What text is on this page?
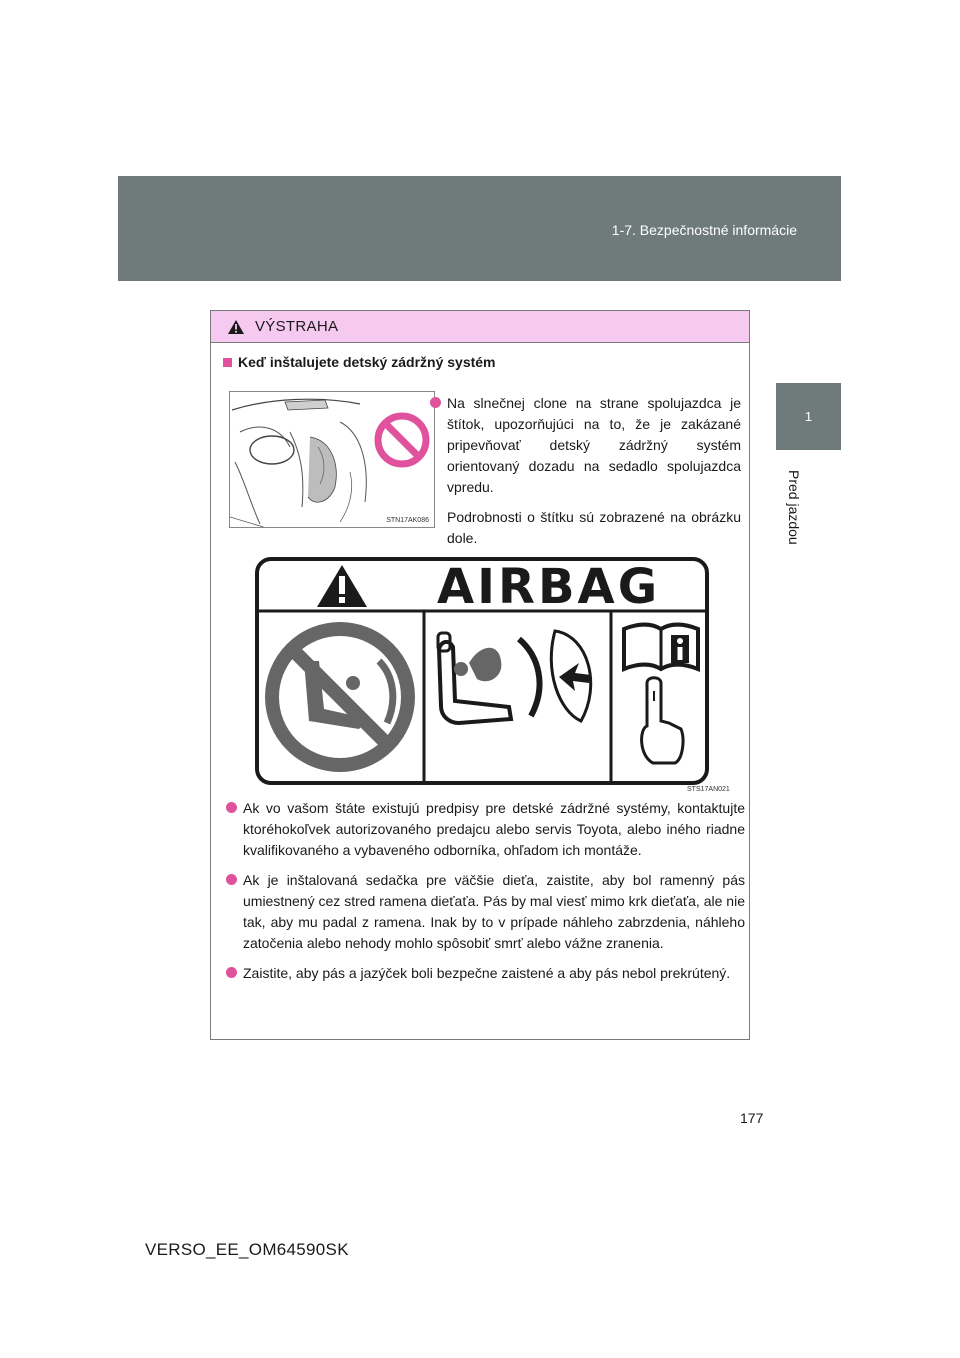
1-7. Bezpečnostné informácie
1
Pred jazdou
VÝSTRAHA
Keď inštalujete detský zádržný systém
STN17AK086
Na slnečnej clone na strane spolujazdca je štítok, upozorňujúci na to, že je zakázané pripevňovať detský zádržný systém orientovaný dozadu na sedadlo spolujazdca vpredu.

Podrobnosti o štítku sú zobrazené na obrázku dole.

AIRBAG
STS17AN021
Ak vo vašom štáte existujú predpisy pre detské zádržné systémy, kontaktujte ktoréhokoľvek autorizovaného predajcu alebo servis Toyota, alebo iného riadne kvalifikovaného a vybaveného odborníka, ohľadom ich montáže.
Ak je inštalovaná sedačka pre väčšie dieťa, zaistite, aby bol ramenný pás umiestnený cez stred ramena dieťaťa. Pás by mal viesť mimo krk dieťaťa, ale nie tak, aby mu padal z ramena. Inak by to v prípade náhleho zabrzdenia, náhleho zatočenia alebo nehody mohlo spôsobiť smrť alebo vážne zranenia.
Zaistite, aby pás a jazýček boli bezpečne zaistené a aby pás nebol prekrútený.
177
VERSO_EE_OM64590SK
